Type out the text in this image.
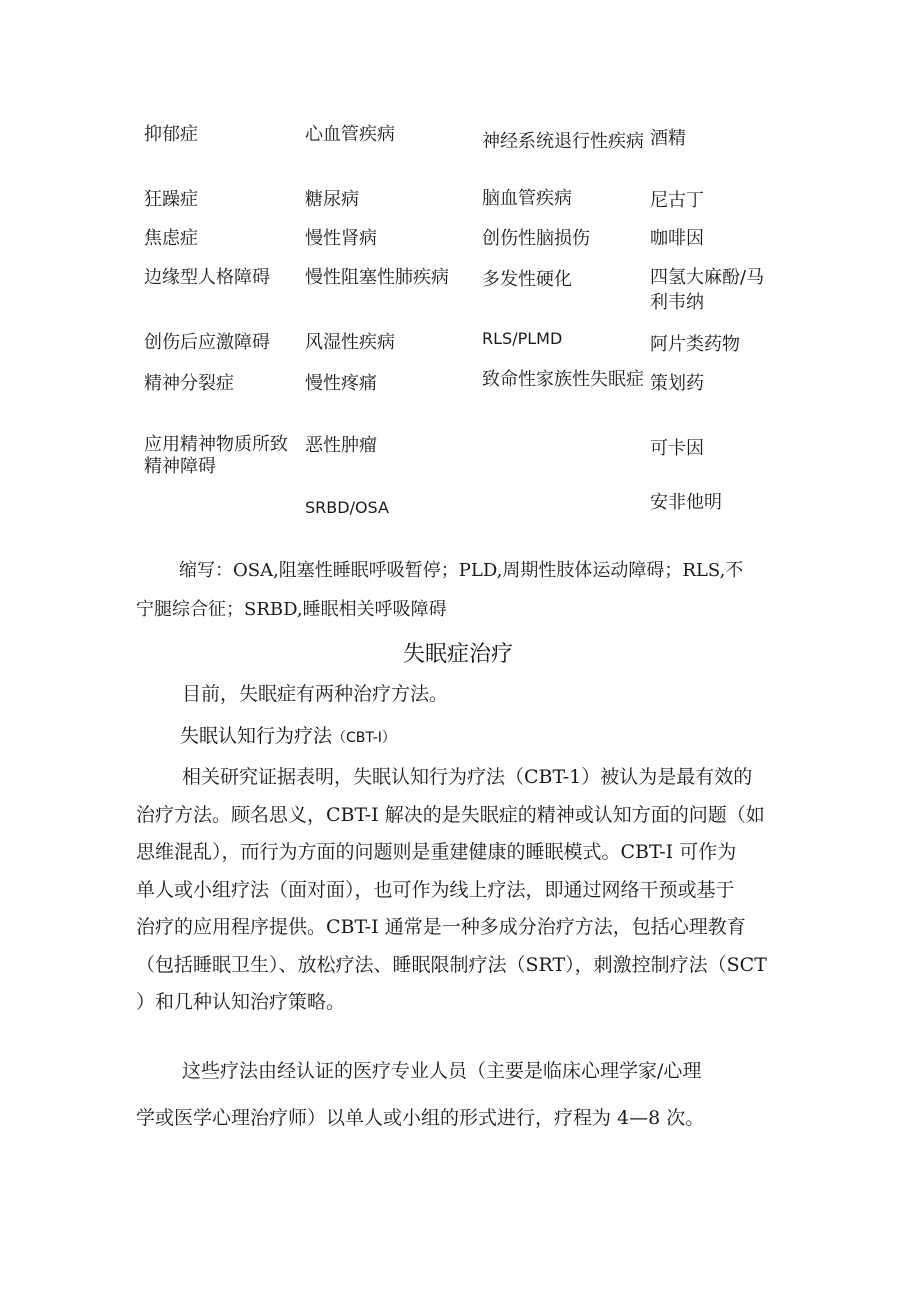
抑郁症
狂躁症
焦虑症
边缘型人格障碍
创伤后应激障碍
精神分裂症
应用精神物质所致
精神障碍
心血管疾病
糖尿病
慢性肾病
慢性阻塞性肺疾病
风湿性疾病
慢性疼痛
恶性肿瘤
SRBD/OSA
神经系统退行性疾病
脑血管疾病
创伤性脑损伤
多发性硬化
RLS/PLMD
致命性家族性失眠症
酒精
尼古丁
咖啡因
四氢大麻酚/马
利韦纳
阿片类药物
策划药
可卡因
安非他明
缩写：OSA,阻塞性睡眠呼吸暂停；PLD,周期性肢体运动障碍；RLS,不
宁腿综合征；SRBD,睡眠相关呼吸障碍
失眠症治疗
目前，失眠症有两种治疗方法。
失眠认知行为疗法（CBT-I）
相关研究证据表明，失眠认知行为疗法（CBT-1）被认为是最有效的
治疗方法。顾名思义，CBT-I 解决的是失眠症的精神或认知方面的问题（如
思维混乱），而行为方面的问题则是重建健康的睡眠模式。CBT-I 可作为
单人或小组疗法（面对面），也可作为线上疗法，即通过网络干预或基于
治疗的应用程序提供。CBT-I 通常是一种多成分治疗方法，包括心理教育
（包括睡眠卫生）、放松疗法、睡眠限制疗法（SRT），刺激控制疗法（SCT
）和几种认知治疗策略。
这些疗法由经认证的医疗专业人员（主要是临床心理学家/心理
学或医学心理治疗师）以单人或小组的形式进行，疗程为 4—8 次。
